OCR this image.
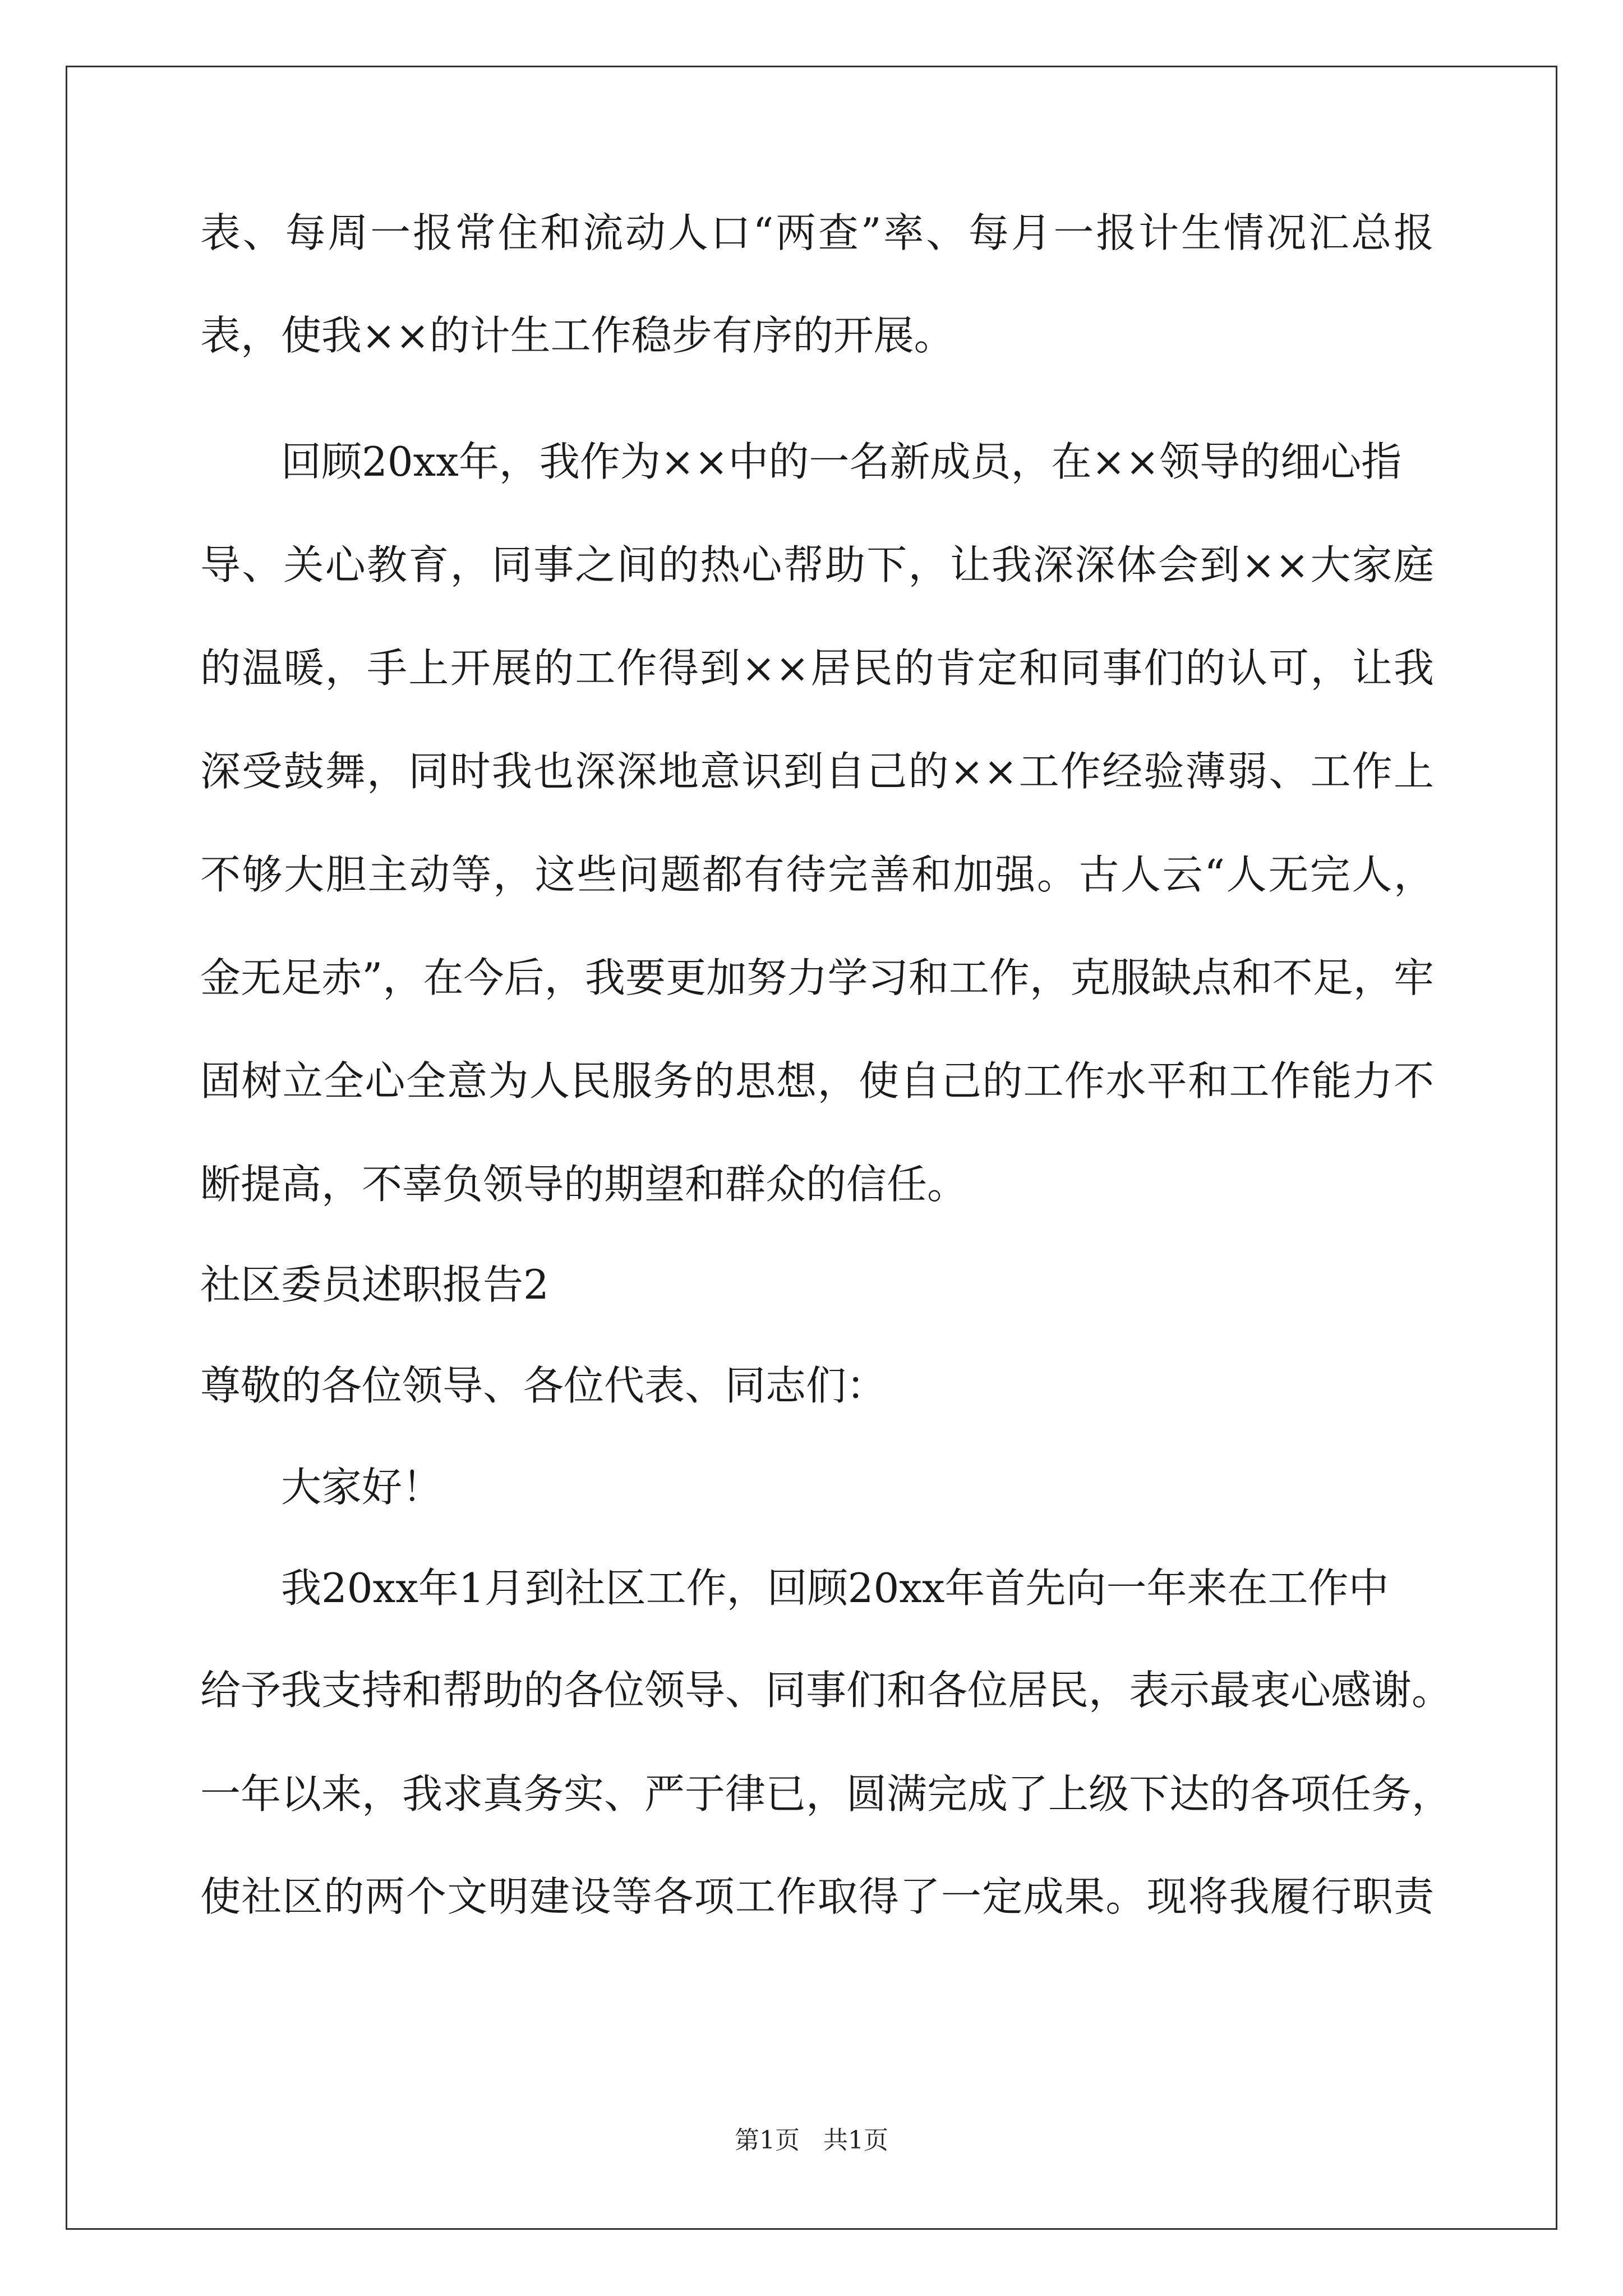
表、每周一报常住和流动人口“两查”率、每月一报计生情况汇总报
表，使我××的计生工作稳步有序的开展。
回顾20xx年，我作为××中的一名新成员，在××领导的细心指
导、关心教育，同事之间的热心帮助下，让我深深体会到××大家庭
的温暖，手上开展的工作得到××居民的肯定和同事们的认可，让我
深受鼓舞，同时我也深深地意识到自己的××工作经验薄弱、工作上
不够大胆主动等，这些问题都有待完善和加强。古人云“人无完人，
金无足赤”，在今后，我要更加努力学习和工作，克服缺点和不足，牢
固树立全心全意为人民服务的思想，使自己的工作水平和工作能力不
断提高，不辜负领导的期望和群众的信任。
社区委员述职报告2
尊敬的各位领导、各位代表、同志们：
大家好！
我20xx年1月到社区工作，回顾20xx年首先向一年来在工作中
给予我支持和帮助的各位领导、同事们和各位居民，表示最衷心感谢。
一年以来，我求真务实、严于律已，圆满完成了上级下达的各项任务，
使社区的两个文明建设等各项工作取得了一定成果。现将我履行职责
第1页   共1页
